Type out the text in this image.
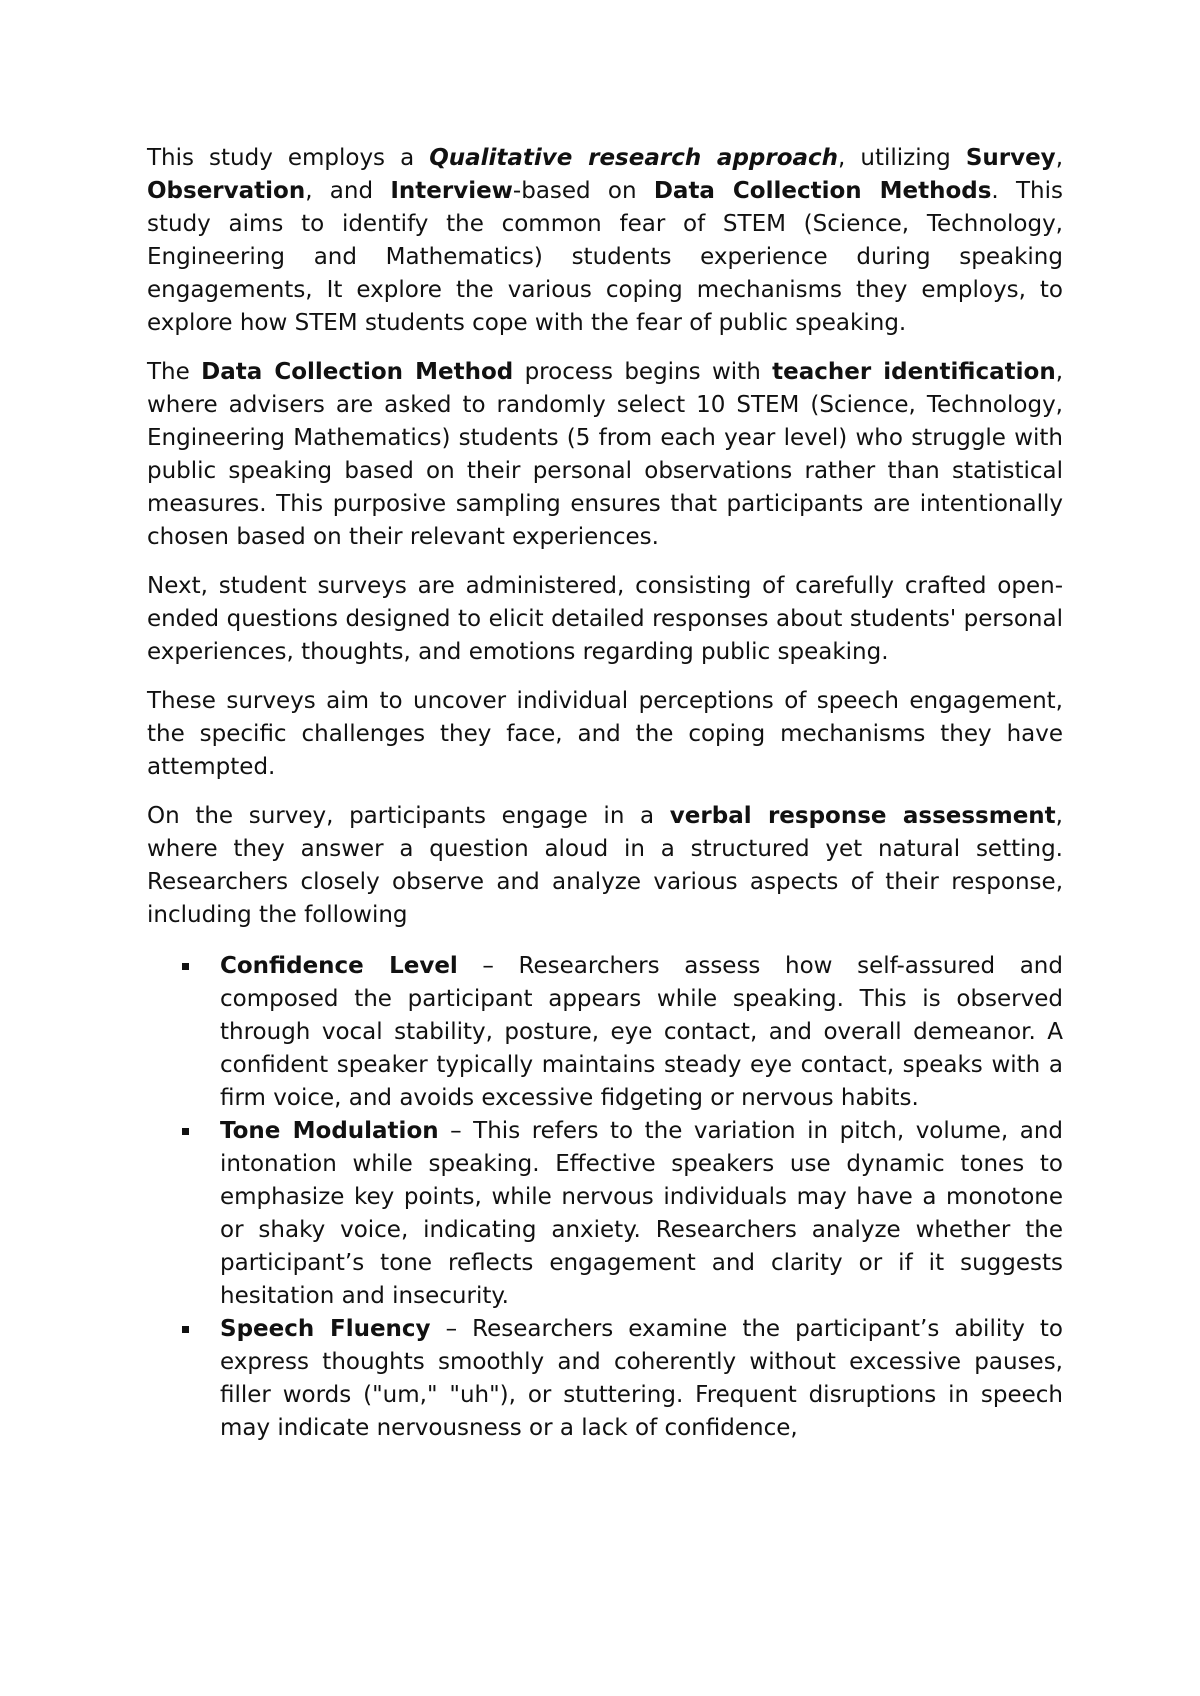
This study employs a Qualitative research approach, utilizing Survey, Observation, and Interview-based on Data Collection Methods. This study aims to identify the common fear of STEM (Science, Technology, Engineering and Mathematics) students experience during speaking engagements, It explore the various coping mechanisms they employs, to explore how STEM students cope with the fear of public speaking.

The Data Collection Method process begins with teacher identification, where advisers are asked to randomly select 10 STEM (Science, Technology, Engineering Mathematics) students (5 from each year level) who struggle with public speaking based on their personal observations rather than statistical measures. This purposive sampling ensures that participants are intentionally chosen based on their relevant experiences.

Next, student surveys are administered, consisting of carefully crafted open-ended questions designed to elicit detailed responses about students' personal experiences, thoughts, and emotions regarding public speaking.

These surveys aim to uncover individual perceptions of speech engagement, the specific challenges they face, and the coping mechanisms they have attempted.

On the survey, participants engage in a verbal response assessment, where they answer a question aloud in a structured yet natural setting. Researchers closely observe and analyze various aspects of their response, including the following

Confidence Level – Researchers assess how self-assured and composed the participant appears while speaking. This is observed through vocal stability, posture, eye contact, and overall demeanor. A confident speaker typically maintains steady eye contact, speaks with a firm voice, and avoids excessive fidgeting or nervous habits.
Tone Modulation – This refers to the variation in pitch, volume, and intonation while speaking. Effective speakers use dynamic tones to emphasize key points, while nervous individuals may have a monotone or shaky voice, indicating anxiety. Researchers analyze whether the participant’s tone reflects engagement and clarity or if it suggests hesitation and insecurity.
Speech Fluency – Researchers examine the participant’s ability to express thoughts smoothly and coherently without excessive pauses, filler words ("um," "uh"), or stuttering. Frequent disruptions in speech may indicate nervousness or a lack of confidence,
